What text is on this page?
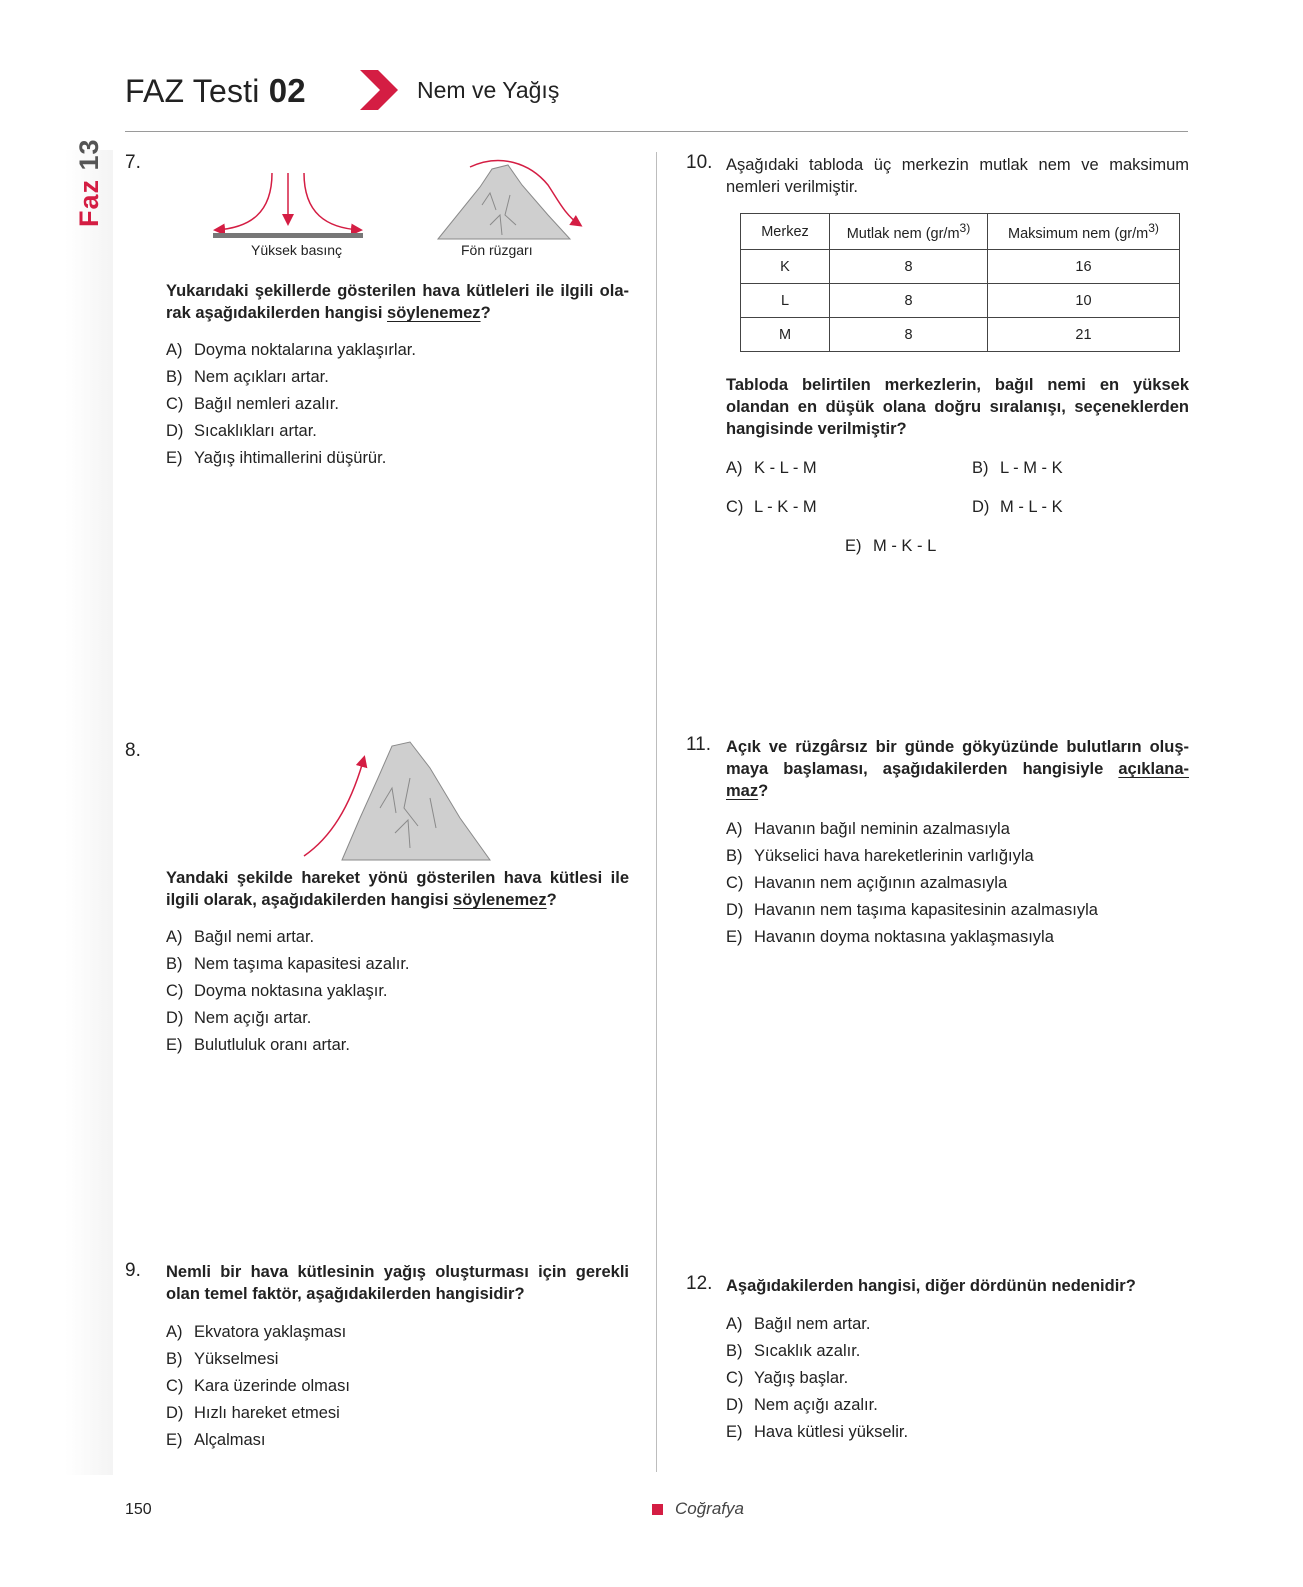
FAZ Testi 02	Nem ve Yağış
Faz 13 7.
Yüksek basınç	Fön rüzgarı
Yukarıdaki şekillerde gösterilen hava kütleleri ile ilgili ola-rak aşağıdakilerden hangisi söylenemez?
A) Doyma noktalarına yaklaşırlar.
B) Nem açıkları artar.
C) Bağıl nemleri azalır.
D) Sıcaklıkları artar.
E) Yağış ihtimallerini düşürür.
8.
Yandaki şekilde hareket yönü gösterilen hava kütlesi ile ilgili olarak, aşağıdakilerden hangisi söylenemez?
A) Bağıl nemi artar.
B) Nem taşıma kapasitesi azalır.
C) Doyma noktasına yaklaşır.
D) Nem açığı artar.
E) Bulutluluk oranı artar.
9. Nemli bir hava kütlesinin yağış oluşturması için gerekli olan temel faktör, aşağıdakilerden hangisidir?
A) Ekvatora yaklaşması
B) Yükselmesi
C) Kara üzerinde olması
D) Hızlı hareket etmesi
E) Alçalması
10. Aşağıdaki tabloda üç merkezin mutlak nem ve maksimum nemleri verilmiştir.
Merkez	Mutlak nem ($gr/m^{3)}$	Maksimum nem ($gr/m^{3)}$
K	8	16
L	8	10
M	8	21
Tabloda belirtilen merkezlerin, bağıl nemi en yüksek olandan en düşük olana doğru sıralanışı, seçeneklerden hangisinde verilmiştir?
A) K - L - M	B) L - M - K
C) L - K - M	D) M - L - K
E) M - K - L
11. Açık ve rüzgârsız bir günde gökyüzünde bulutların oluş-maya başlaması, aşağıdakilerden hangisiyle açıklana-maz?
A) Havanın bağıl neminin azalmasıyla
B) Yükselici hava hareketlerinin varlığıyla
C) Havanın nem açığının azalmasıyla
D) Havanın nem taşıma kapasitesinin azalmasıyla
E) Havanın doyma noktasına yaklaşmasıyla
12. Aşağıdakilerden hangisi, diğer dördünün nedenidir?
A) Bağıl nem artar.
B) Sıcaklık azalır.
C) Yağış başlar.
D) Nem açığı azalır.
E) Hava kütlesi yükselir.
150	Coğrafya
